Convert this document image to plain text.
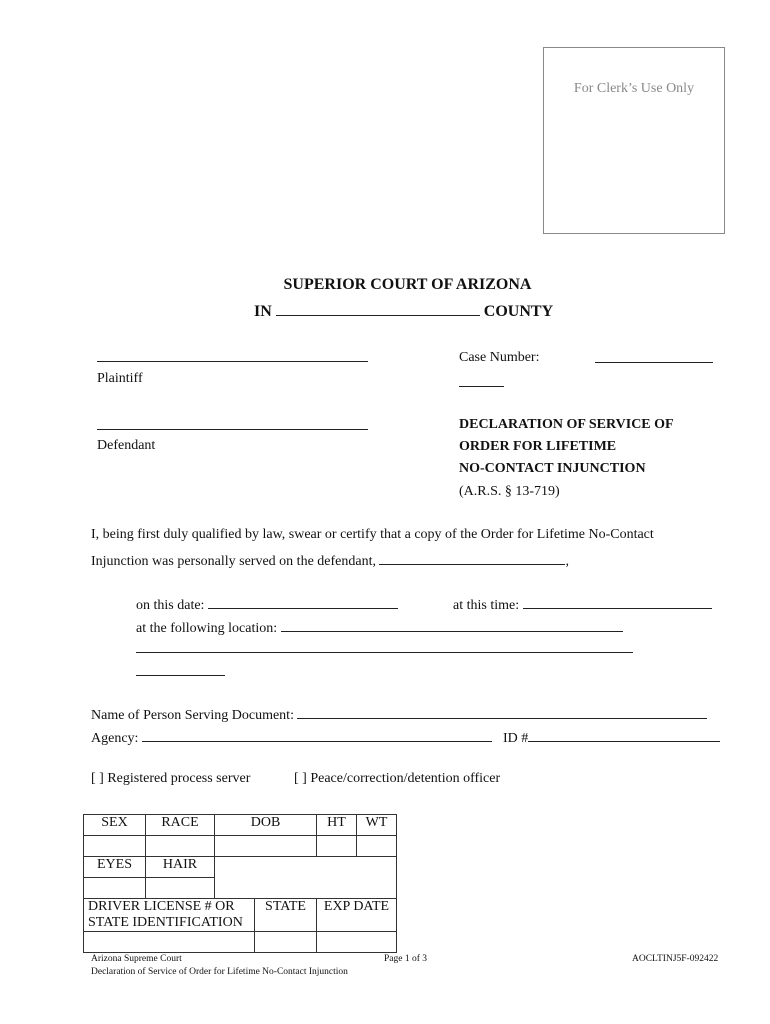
For Clerk’s Use Only
SUPERIOR COURT OF ARIZONA
IN	COUNTY
Plaintiff
Defendant
Case Number:
DECLARATION OF SERVICE OF
ORDER FOR LIFETIME
NO-CONTACT INJUNCTION
(A.R.S. § 13-719)
I, being first duly qualified by law, swear or certify that a copy of the Order for Lifetime No-Contact
Injunction was personally served on the defendant,	,
on this date:	at this time:
at the following location:
Name of Person Serving Document:
Agency:	ID #
[ ] Registered process server	[ ] Peace/correction/detention officer
SEX	RACE	DOB		HT	WT

EYES	HAIR				

DRIVER LICENSE # OR
STATE IDENTIFICATION			STATE	EXP DATE	

Arizona Supreme Court
Declaration of Service of Order for Lifetime No-Contact Injunction
Page 1 of 3	AOCLTINJ5F-092422
